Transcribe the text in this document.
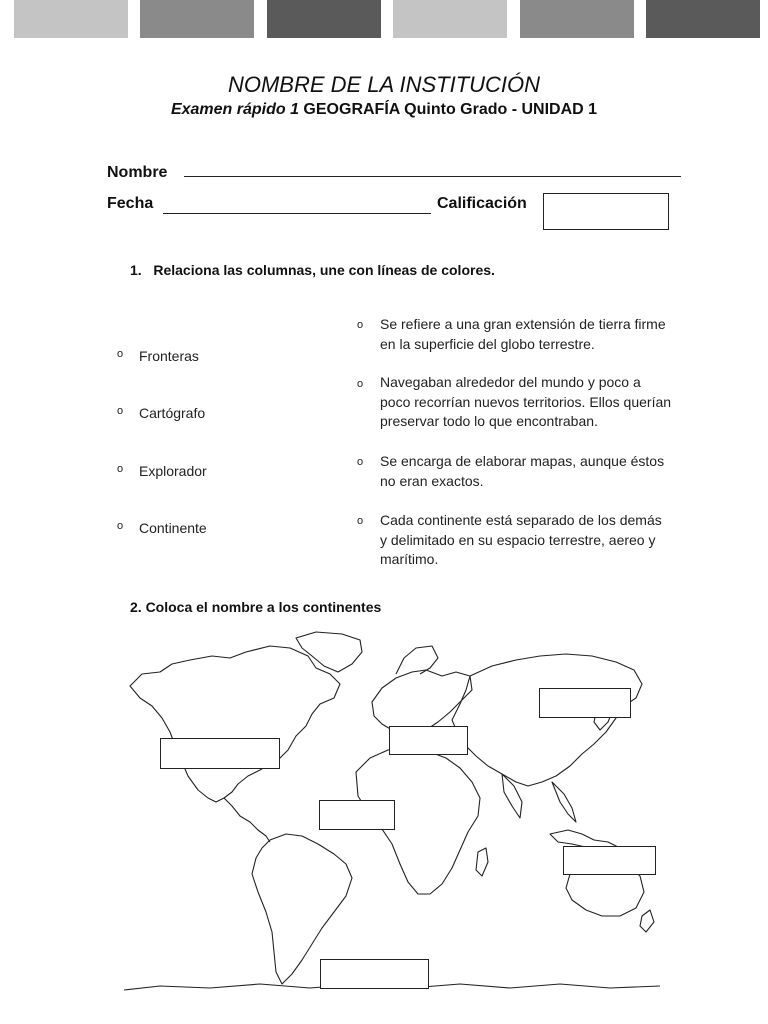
NOMBRE DE LA INSTITUCIÓN
Examen rápido 1 GEOGRAFÍA Quinto Grado - UNIDAD 1
Nombre
Fecha	Calificación
1.   Relaciona las columnas, une con líneas de colores.
o Fronteras
o Cartógrafo
o Explorador
o Continente
o Se refiere a una gran extensión de tierra firme
en la superficie del globo terrestre.
o Navegaban alrededor del mundo y poco a
poco recorrían nuevos territorios. Ellos querían
preservar todo lo que encontraban.
o Se encarga de elaborar mapas, aunque éstos
no eran exactos.
o Cada continente está separado de los demás
y delimitado en su espacio terrestre, aereo y
marítimo.
2. Coloca el nombre a los continentes
